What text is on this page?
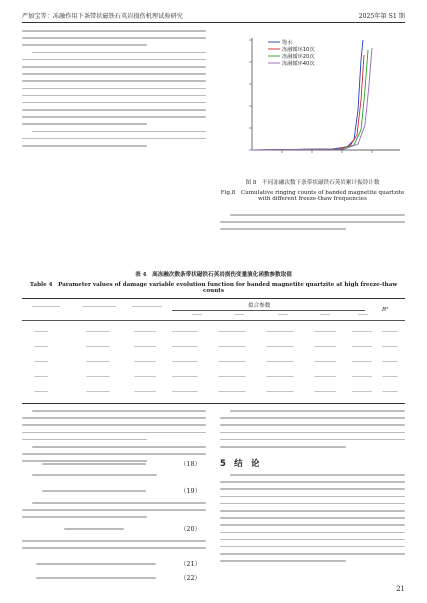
严加宝等：冻融作用下条带状磁铁石英岩损伤机理试验研究	2025年第 S1 期
饱水
冻融循环10次
冻融循环20次
冻融循环40次
图 8　不同冻融次数下条带状磁铁石英岩累计振铃计数
Fig.8　Cumulative ringing counts of banded magnetite quartzite with different freeze-thaw frequencies
表 4　高冻融次数条带状磁铁石英岩损伤变量演化函数参数取值
Table 4　Parameter values of damage variable evolution function for banded magnetite quartzite at high freeze-thaw counts
拟合参数
R²
（18）
（19）
（20）
（21）
（22）
5　结　论
21
